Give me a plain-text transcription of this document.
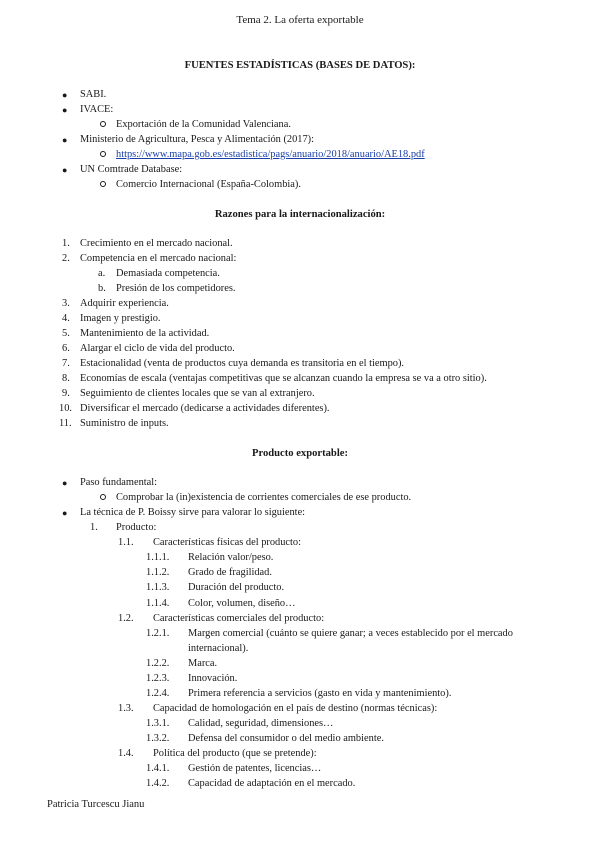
Tema 2. La oferta exportable
FUENTES ESTADÍSTICAS (BASES DE DATOS):
● SABI.
● IVACE:
Exportación de la Comunidad Valenciana.
● Ministerio de Agricultura, Pesca y Alimentación (2017):
https://www.mapa.gob.es/estadistica/pags/anuario/2018/anuario/AE18.pdf
● UN Comtrade Database:
Comercio Internacional (España-Colombia).
Razones para la internacionalización:
1. Crecimiento en el mercado nacional.
2. Competencia en el mercado nacional:
a. Demasiada competencia.
b. Presión de los competidores.
3. Adquirir experiencia.
4. Imagen y prestigio.
5. Mantenimiento de la actividad.
6. Alargar el ciclo de vida del producto.
7. Estacionalidad (venta de productos cuya demanda es transitoria en el tiempo).
8. Economías de escala (ventajas competitivas que se alcanzan cuando la empresa se va a otro sitio).
9. Seguimiento de clientes locales que se van al extranjero.
10. Diversificar el mercado (dedicarse a actividades diferentes).
11. Suministro de inputs.
Producto exportable:
● Paso fundamental:
Comprobar la (in)existencia de corrientes comerciales de ese producto.
● La técnica de P. Boissy sirve para valorar lo siguiente:
1. Producto:
1.1. Características físicas del producto:
1.1.1. Relación valor/peso.
1.1.2. Grado de fragilidad.
1.1.3. Duración del producto.
1.1.4. Color, volumen, diseño…
1.2. Características comerciales del producto:
1.2.1. Margen comercial (cuánto se quiere ganar; a veces establecido por el mercado
internacional).
1.2.2. Marca.
1.2.3. Innovación.
1.2.4. Primera referencia a servicios (gasto en vida y mantenimiento).
1.3. Capacidad de homologación en el país de destino (normas técnicas):
1.3.1. Calidad, seguridad, dimensiones…
1.3.2. Defensa del consumidor o del medio ambiente.
1.4. Política del producto (que se pretende):
1.4.1. Gestión de patentes, licencias…
1.4.2. Capacidad de adaptación en el mercado.
Patricia Turcescu Jianu
